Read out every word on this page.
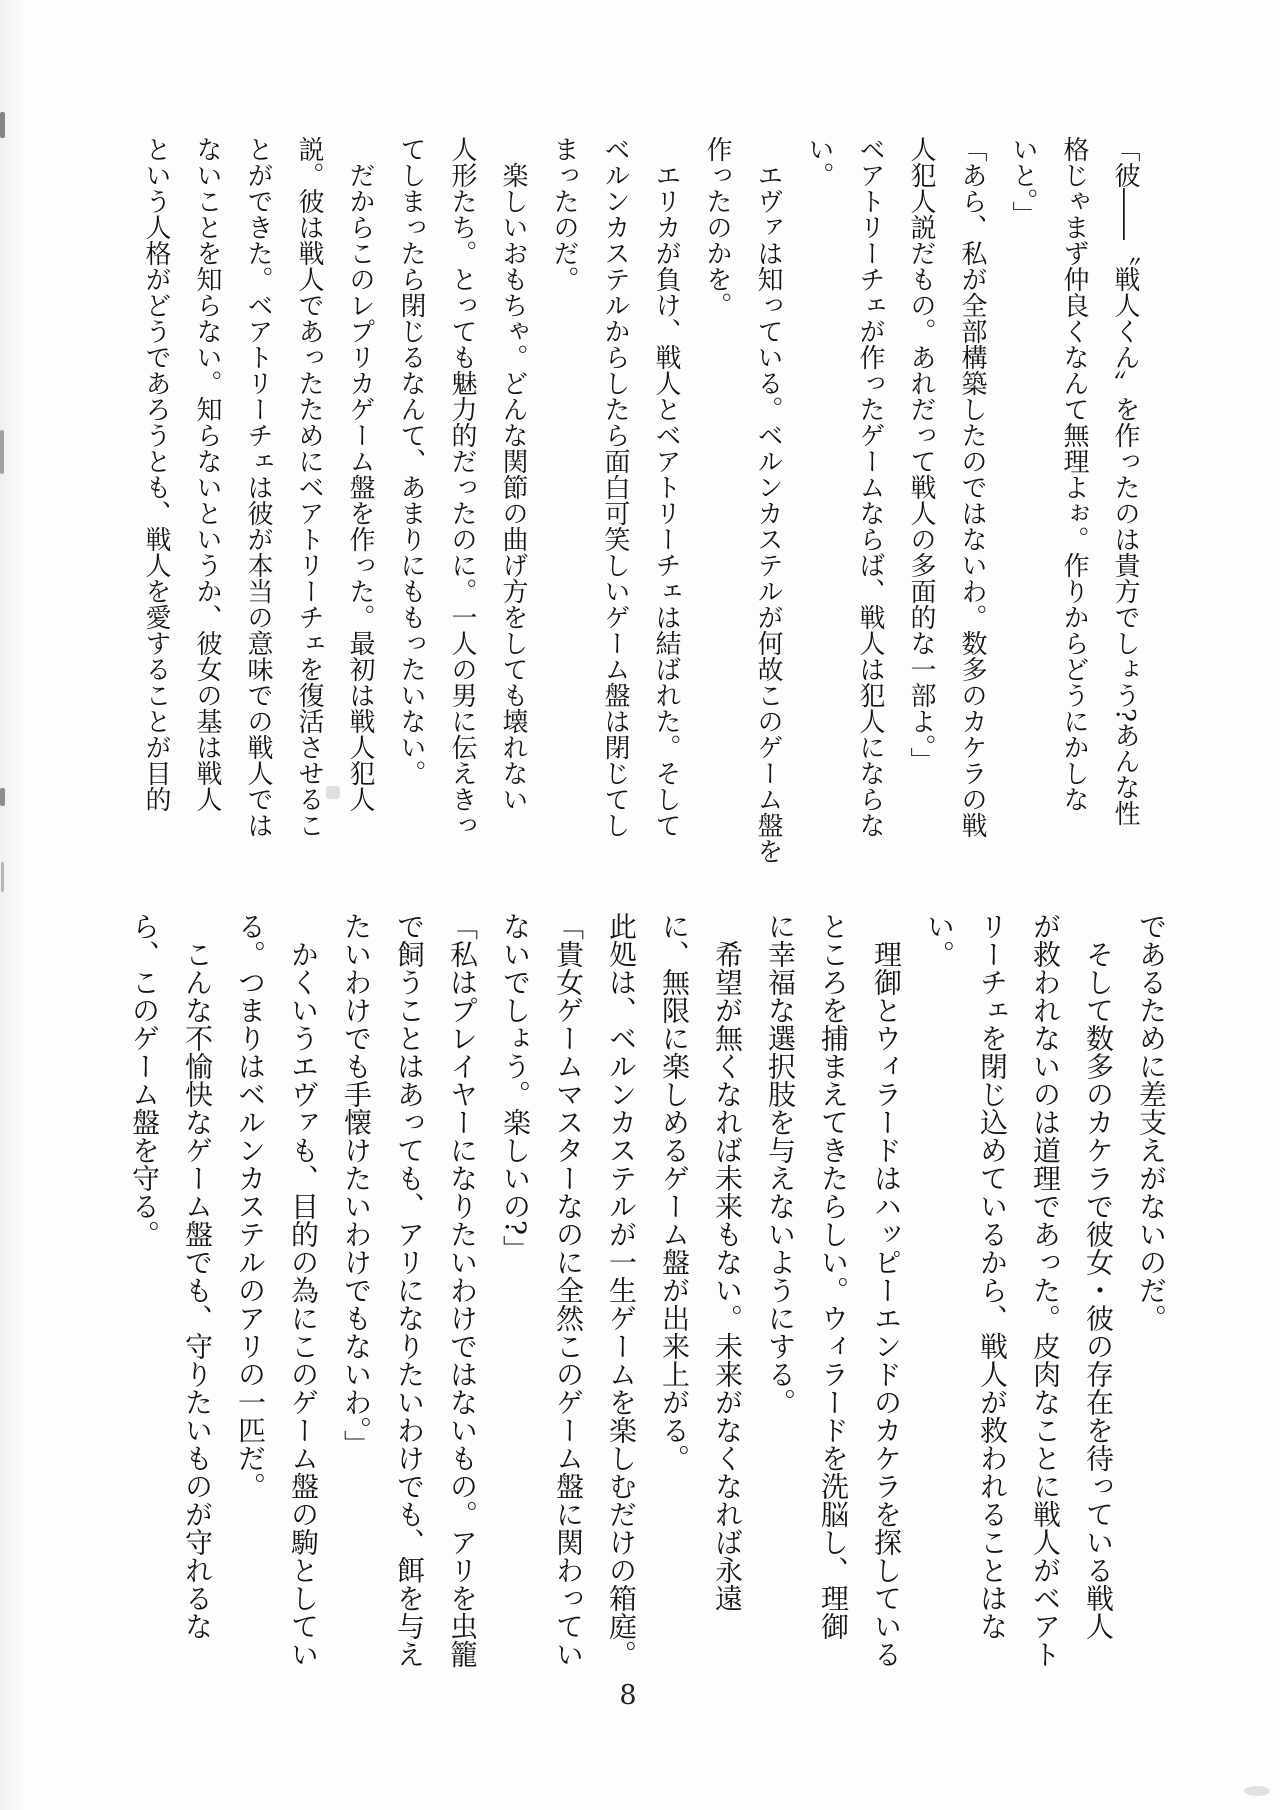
「彼――〝戦人くん〟を作ったのは貴方でしょう?あんな性

格じゃまず仲良くなんて無理よぉ。作りからどうにかしな

いと。」

「あら、私が全部構築したのではないわ。数多のカケラの戦

人犯人説だもの。あれだって戦人の多面的な一部よ。」

ベアトリーチェが作ったゲームならば、戦人は犯人にならな

い。

エヴァは知っている。ベルンカステルが何故このゲーム盤を

作ったのかを。

エリカが負け、戦人とベアトリーチェは結ばれた。そして

ベルンカステルからしたら面白可笑しいゲーム盤は閉じてし

まったのだ。

楽しいおもちゃ。どんな関節の曲げ方をしても壊れない

人形たち。とっても魅力的だったのに。一人の男に伝えきっ

てしまったら閉じるなんて、あまりにももったいない。

だからこのレプリカゲーム盤を作った。最初は戦人犯人

説。彼は戦人であったためにベアトリーチェを復活させるこ

とができた。ベアトリーチェは彼が本当の意味での戦人では

ないことを知らない。知らないというか、彼女の基は戦人

という人格がどうであろうとも、戦人を愛することが目的

であるために差支えがないのだ。

そして数多のカケラで彼女・彼の存在を待っている戦人

が救われないのは道理であった。皮肉なことに戦人がベアト

リーチェを閉じ込めているから、戦人が救われることはな

い。

理御とウィラードはハッピーエンドのカケラを探している

ところを捕まえてきたらしい。ウィラードを洗脳し、理御

に幸福な選択肢を与えないようにする。

希望が無くなれば未来もない。未来がなくなれば永遠

に、無限に楽しめるゲーム盤が出来上がる。

此処は、ベルンカステルが一生ゲームを楽しむだけの箱庭。

「貴女ゲームマスターなのに全然このゲーム盤に関わってい

ないでしょう。楽しいの?」

「私はプレイヤーになりたいわけではないもの。アリを虫籠

で飼うことはあっても、アリになりたいわけでも、餌を与え

たいわけでも手懐けたいわけでもないわ。」

かくいうエヴァも、目的の為にこのゲーム盤の駒としてい

る。つまりはベルンカステルのアリの一匹だ。

こんな不愉快なゲーム盤でも、守りたいものが守れるな

ら、このゲーム盤を守る。

8
